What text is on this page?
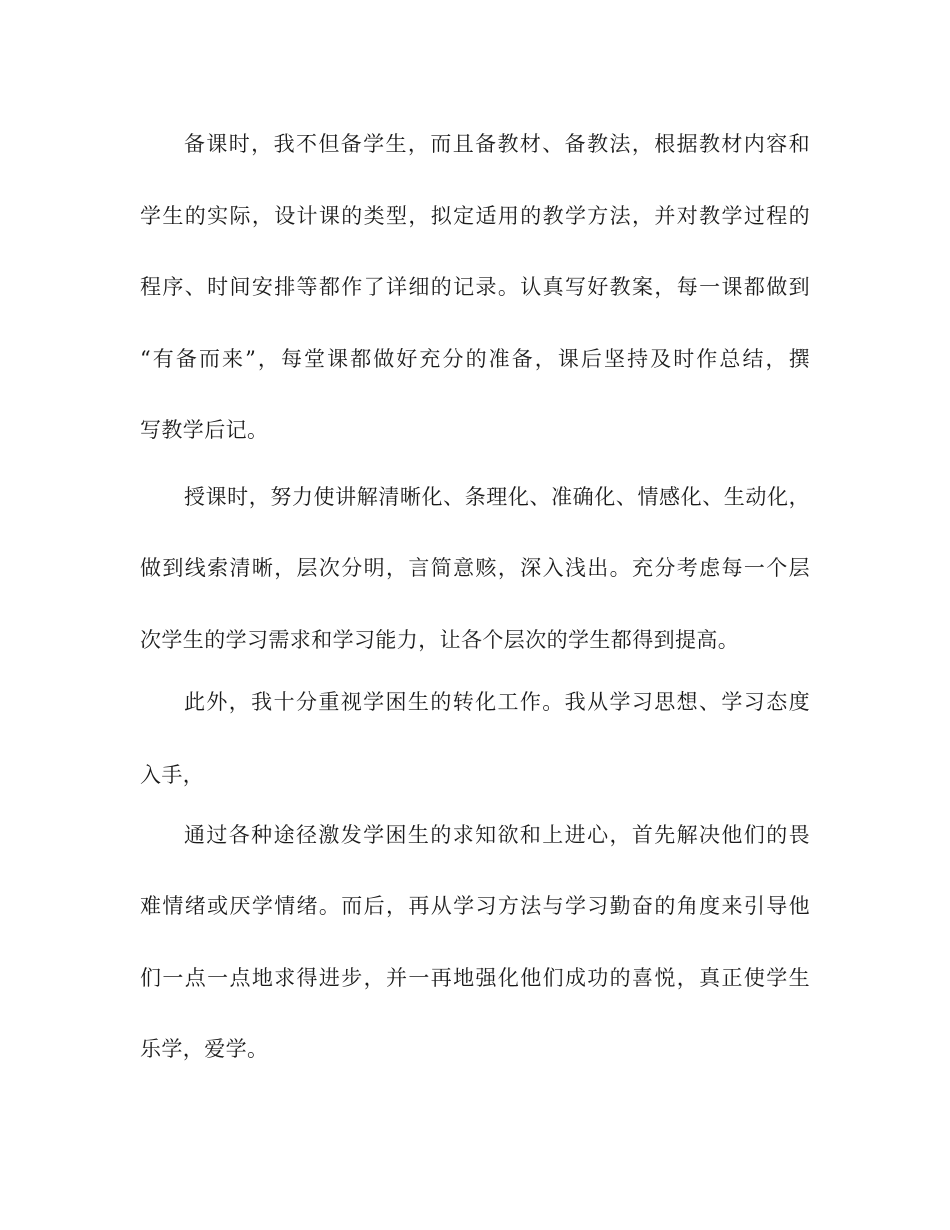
备课时，我不但备学生，而且备教材、备教法，根据教材内容和
学生的实际，设计课的类型，拟定适用的教学方法，并对教学过程的
程序、时间安排等都作了详细的记录。认真写好教案，每一课都做到
“有备而来”，每堂课都做好充分的准备，课后坚持及时作总结，撰
写教学后记。
授课时，努力使讲解清晰化、条理化、准确化、情感化、生动化，
做到线索清晰，层次分明，言简意赅，深入浅出。充分考虑每一个层
次学生的学习需求和学习能力，让各个层次的学生都得到提高。
此外，我十分重视学困生的转化工作。我从学习思想、学习态度
入手，
通过各种途径激发学困生的求知欲和上进心，首先解决他们的畏
难情绪或厌学情绪。而后，再从学习方法与学习勤奋的角度来引导他
们一点一点地求得进步，并一再地强化他们成功的喜悦，真正使学生
乐学，爱学。
